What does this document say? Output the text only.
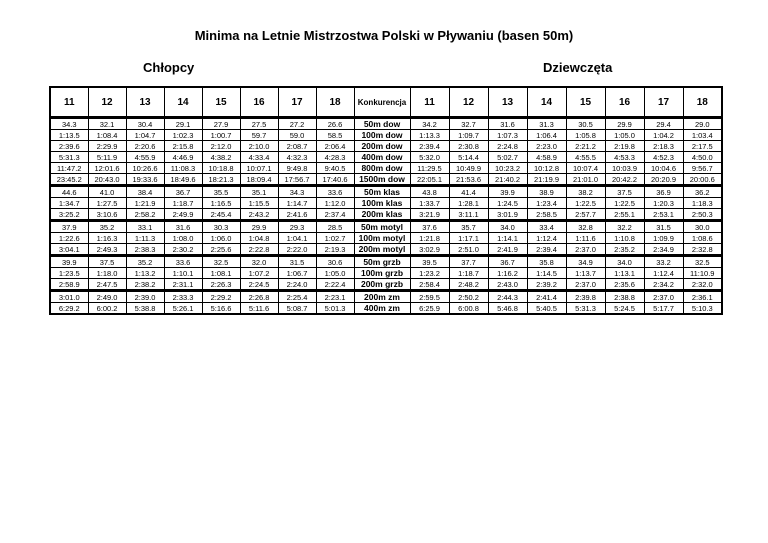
Minima na Letnie Mistrzostwa Polski w Pływaniu (basen 50m)
Chłopcy	Dziewczęta
11	12	13	14	15	16	17	18	Konkurencja	11	12	13	14	15	16	17	18
34.3	32.1	30.4	29.1	27.9	27.5	27.2	26.6	50m dow	34.2	32.7	31.6	31.3	30.5	29.9	29.4	29.0
1:13.5	1:08.4	1:04.7	1:02.3	1:00.7	59.7	59.0	58.5	100m dow	1:13.3	1:09.7	1:07.3	1:06.4	1:05.8	1:05.0	1:04.2	1:03.4
2:39.6	2:29.9	2:20.6	2:15.8	2:12.0	2:10.0	2:08.7	2:06.4	200m dow	2:39.4	2:30.8	2:24.8	2:23.0	2:21.2	2:19.8	2:18.3	2:17.5
5:31.3	5:11.9	4:55.9	4:46.9	4:38.2	4:33.4	4:32.3	4:28.3	400m dow	5:32.0	5:14.4	5:02.7	4:58.9	4:55.5	4:53.3	4:52.3	4:50.0
11:47.2	12:01.6	10:26.6	11:08.3	10:18.8	10:07.1	9:49.8	9:40.5	800m dow	11:29.5	10:49.9	10:23.2	10:12.8	10:07.4	10:03.9	10:04.6	9:56.7
23:45.2	20:43.0	19:33.6	18:49.6	18:21.3	18:09.4	17:56.7	17:40.6	1500m dow	22:05.1	21:53.6	21:40.2	21:19.9	21:01.0	20:42.2	20:20.9	20:00.6
44.6	41.0	38.4	36.7	35.5	35.1	34.3	33.6	50m klas	43.8	41.4	39.9	38.9	38.2	37.5	36.9	36.2
1:34.7	1:27.5	1:21.9	1:18.7	1:16.5	1:15.5	1:14.7	1:12.0	100m klas	1:33.7	1:28.1	1:24.5	1:23.4	1:22.5	1:22.5	1:20.3	1:18.3
3:25.2	3:10.6	2:58.2	2:49.9	2:45.4	2:43.2	2:41.6	2:37.4	200m klas	3:21.9	3:11.1	3:01.9	2:58.5	2:57.7	2:55.1	2:53.1	2:50.3
37.9	35.2	33.1	31.6	30.3	29.9	29.3	28.5	50m motyl	37.6	35.7	34.0	33.4	32.8	32.2	31.5	30.0
1:22.6	1:16.3	1:11.3	1:08.0	1:06.0	1:04.8	1:04.1	1:02.7	100m motyl	1:21.8	1:17.1	1:14.1	1:12.4	1:11.6	1:10.8	1:09.9	1:08.6
3:04.1	2:49.3	2:38.3	2:30.2	2:25.6	2:22.8	2:22.0	2:19.3	200m motyl	3:02.9	2:51.0	2:41.9	2:39.4	2:37.0	2:35.2	2:34.9	2:32.8
39.9	37.5	35.2	33.6	32.5	32.0	31.5	30.6	50m grzb	39.5	37.7	36.7	35.8	34.9	34.0	33.2	32.5
1:23.5	1:18.0	1:13.2	1:10.1	1:08.1	1:07.2	1:06.7	1:05.0	100m grzb	1:23.2	1:18.7	1:16.2	1:14.5	1:13.7	1:13.1	1:12.4	11:10.9
2:58.9	2:47.5	2:38.2	2:31.1	2:26.3	2:24.5	2:24.0	2:22.4	200m grzb	2:58.4	2:48.2	2:43.0	2:39.2	2:37.0	2:35.6	2:34.2	2:32.0
3:01.0	2:49.0	2:39.0	2:33.3	2:29.2	2:26.8	2:25.4	2:23.1	200m zm	2:59.5	2:50.2	2:44.3	2:41.4	2:39.8	2:38.8	2:37.0	2:36.1
6:29.2	6:00.2	5:38.8	5:26.1	5:16.6	5:11.6	5:08.7	5:01.3	400m zm	6:25.9	6:00.8	5:46.8	5:40.5	5:31.3	5:24.5	5:17.7	5:10.3
